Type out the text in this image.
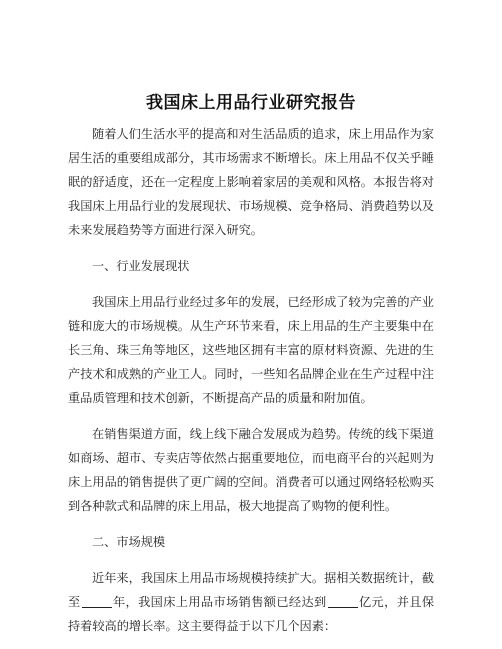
我国床上用品行业研究报告

随着人们生活水平的提高和对生活品质的追求，床上用品作为家居生活的重要组成部分，其市场需求不断增长。床上用品不仅关乎睡眠的舒适度，还在一定程度上影响着家居的美观和风格。本报告将对我国床上用品行业的发展现状、市场规模、竞争格局、消费趋势以及未来发展趋势等方面进行深入研究。

一、行业发展现状

我国床上用品行业经过多年的发展，已经形成了较为完善的产业链和庞大的市场规模。从生产环节来看，床上用品的生产主要集中在长三角、珠三角等地区，这些地区拥有丰富的原材料资源、先进的生产技术和成熟的产业工人。同时，一些知名品牌企业在生产过程中注重品质管理和技术创新，不断提高产品的质量和附加值。

在销售渠道方面，线上线下融合发展成为趋势。传统的线下渠道如商场、超市、专卖店等依然占据重要地位，而电商平台的兴起则为床上用品的销售提供了更广阔的空间。消费者可以通过网络轻松购买到各种款式和品牌的床上用品，极大地提高了购物的便利性。

二、市场规模

近年来，我国床上用品市场规模持续扩大。据相关数据统计，截至	年，我国床上用品市场销售额已经达到	亿元，并且保持着较高的增长率。这主要得益于以下几个因素：
